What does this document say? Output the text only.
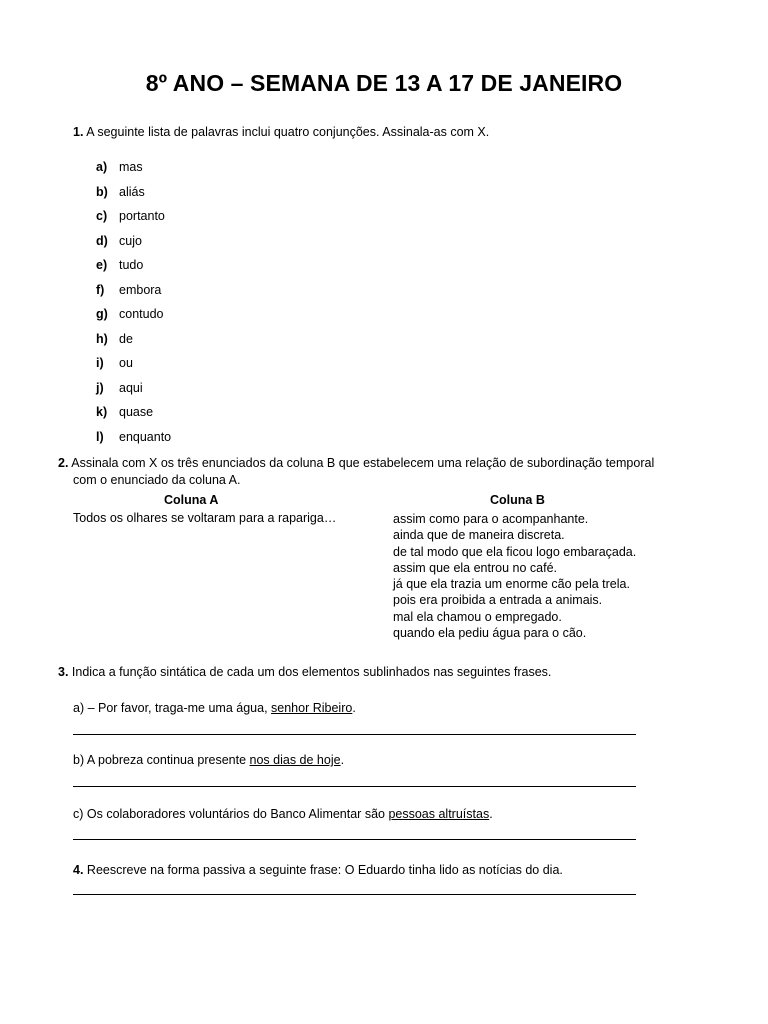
8º ANO – SEMANA DE 13 A 17 DE JANEIRO
1. A seguinte lista de palavras inclui quatro conjunções. Assinala-as com X.
a) mas
b) aliás
c) portanto
d) cujo
e) tudo
f) embora
g) contudo
h) de
i) ou
j) aqui
k) quase
l) enquanto
2. Assinala com X os três enunciados da coluna B que estabelecem uma relação de subordinação temporal
com o enunciado da coluna A.
Coluna A	Coluna B
Todos os olhares se voltaram para a rapariga…	assim como para o acompanhante.
ainda que de maneira discreta.
de tal modo que ela ficou logo embaraçada.
assim que ela entrou no café.
já que ela trazia um enorme cão pela trela.
pois era proibida a entrada a animais.
mal ela chamou o empregado.
quando ela pediu água para o cão.
3. Indica a função sintática de cada um dos elementos sublinhados nas seguintes frases.
a) – Por favor, traga-me uma água, senhor Ribeiro.
b) A pobreza continua presente nos dias de hoje.
c) Os colaboradores voluntários do Banco Alimentar são pessoas altruístas.
4. Reescreve na forma passiva a seguinte frase: O Eduardo tinha lido as notícias do dia.
